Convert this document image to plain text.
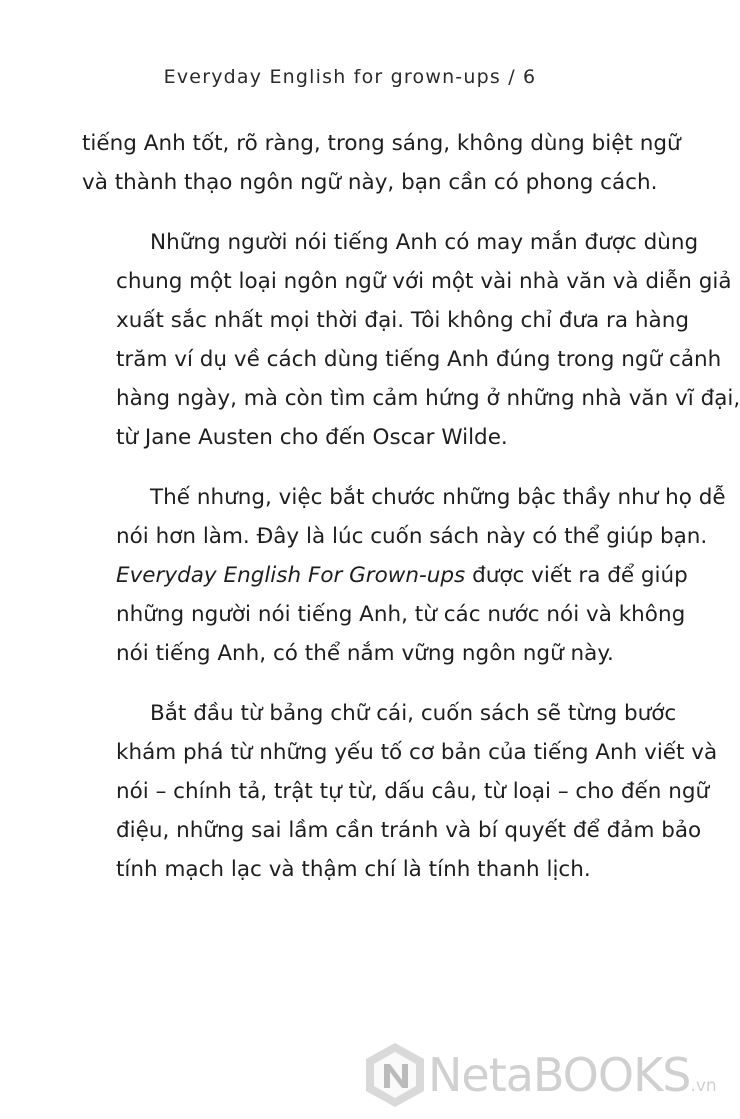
Everyday English for grown-ups / 6
tiếng Anh tốt, rõ ràng, trong sáng, không dùng biệt ngữ
và thành thạo ngôn ngữ này, bạn cần có phong cách.
Những người nói tiếng Anh có may mắn được dùng
chung một loại ngôn ngữ với một vài nhà văn và diễn giả
xuất sắc nhất mọi thời đại. Tôi không chỉ đưa ra hàng
trăm ví dụ về cách dùng tiếng Anh đúng trong ngữ cảnh
hàng ngày, mà còn tìm cảm hứng ở những nhà văn vĩ đại,
từ Jane Austen cho đến Oscar Wilde.
Thế nhưng, việc bắt chước những bậc thầy như họ dễ
nói hơn làm. Đây là lúc cuốn sách này có thể giúp bạn.
Everyday English For Grown-ups được viết ra để giúp
những người nói tiếng Anh, từ các nước nói và không
nói tiếng Anh, có thể nắm vững ngôn ngữ này.
Bắt đầu từ bảng chữ cái, cuốn sách sẽ từng bước
khám phá từ những yếu tố cơ bản của tiếng Anh viết và
nói – chính tả, trật tự từ, dấu câu, từ loại – cho đến ngữ
điệu, những sai lầm cần tránh và bí quyết để đảm bảo
tính mạch lạc và thậm chí là tính thanh lịch.
NetaBOOKS.vn
